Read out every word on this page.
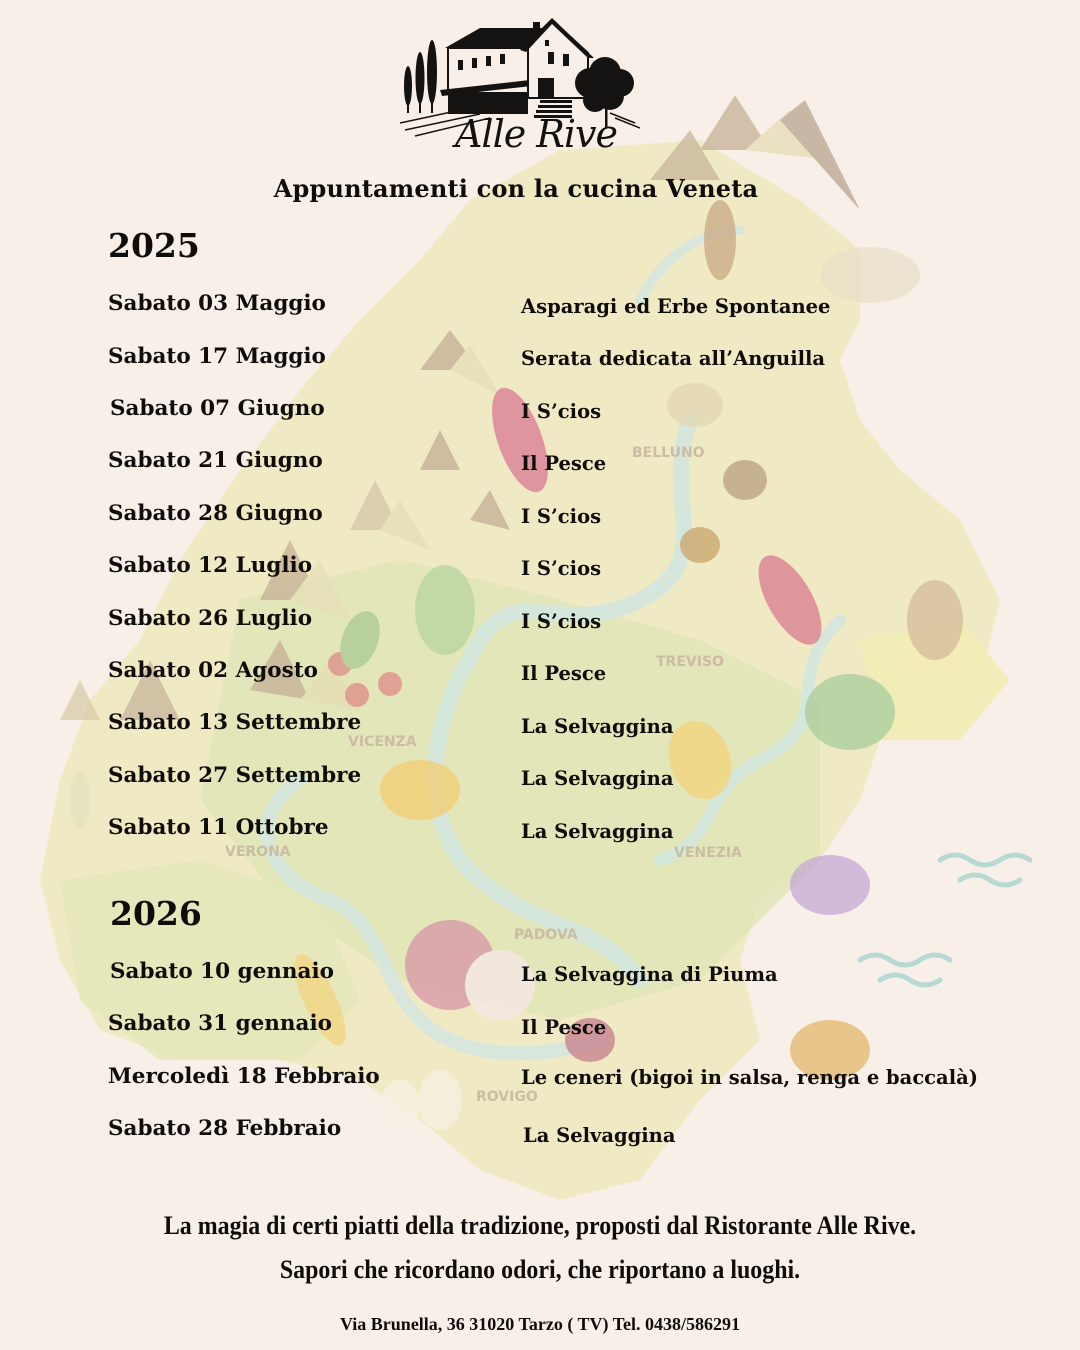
BELLUNO
TREVISO
VICENZA
VERONA	VENEZIA
PADOVA
ROVIGO
Alle Rive
Appuntamenti con la cucina Veneta
2025
Sabato 03 Maggio	Asparagi ed Erbe Spontanee
Sabato 17 Maggio	Serata dedicata all’Anguilla
Sabato 07 Giugno	I S’cios
Sabato 21 Giugno	Il Pesce
Sabato 28 Giugno	I S’cios
Sabato 12 Luglio	I S’cios
Sabato 26 Luglio	I S’cios
Sabato 02 Agosto	Il Pesce
Sabato 13 Settembre	La Selvaggina
Sabato 27 Settembre	La Selvaggina
Sabato 11 Ottobre	La Selvaggina
2026
Sabato 10 gennaio	La Selvaggina di Piuma
Sabato 31 gennaio	Il Pesce
Mercoledì 18 Febbraio	Le ceneri (bigoi in salsa, renga e baccalà)
Sabato 28 Febbraio	La Selvaggina
La magia di certi piatti della tradizione, proposti dal Ristorante Alle Rive.
Sapori che ricordano odori, che riportano a luoghi.
Via Brunella, 36 31020 Tarzo ( TV) Tel. 0438/586291
